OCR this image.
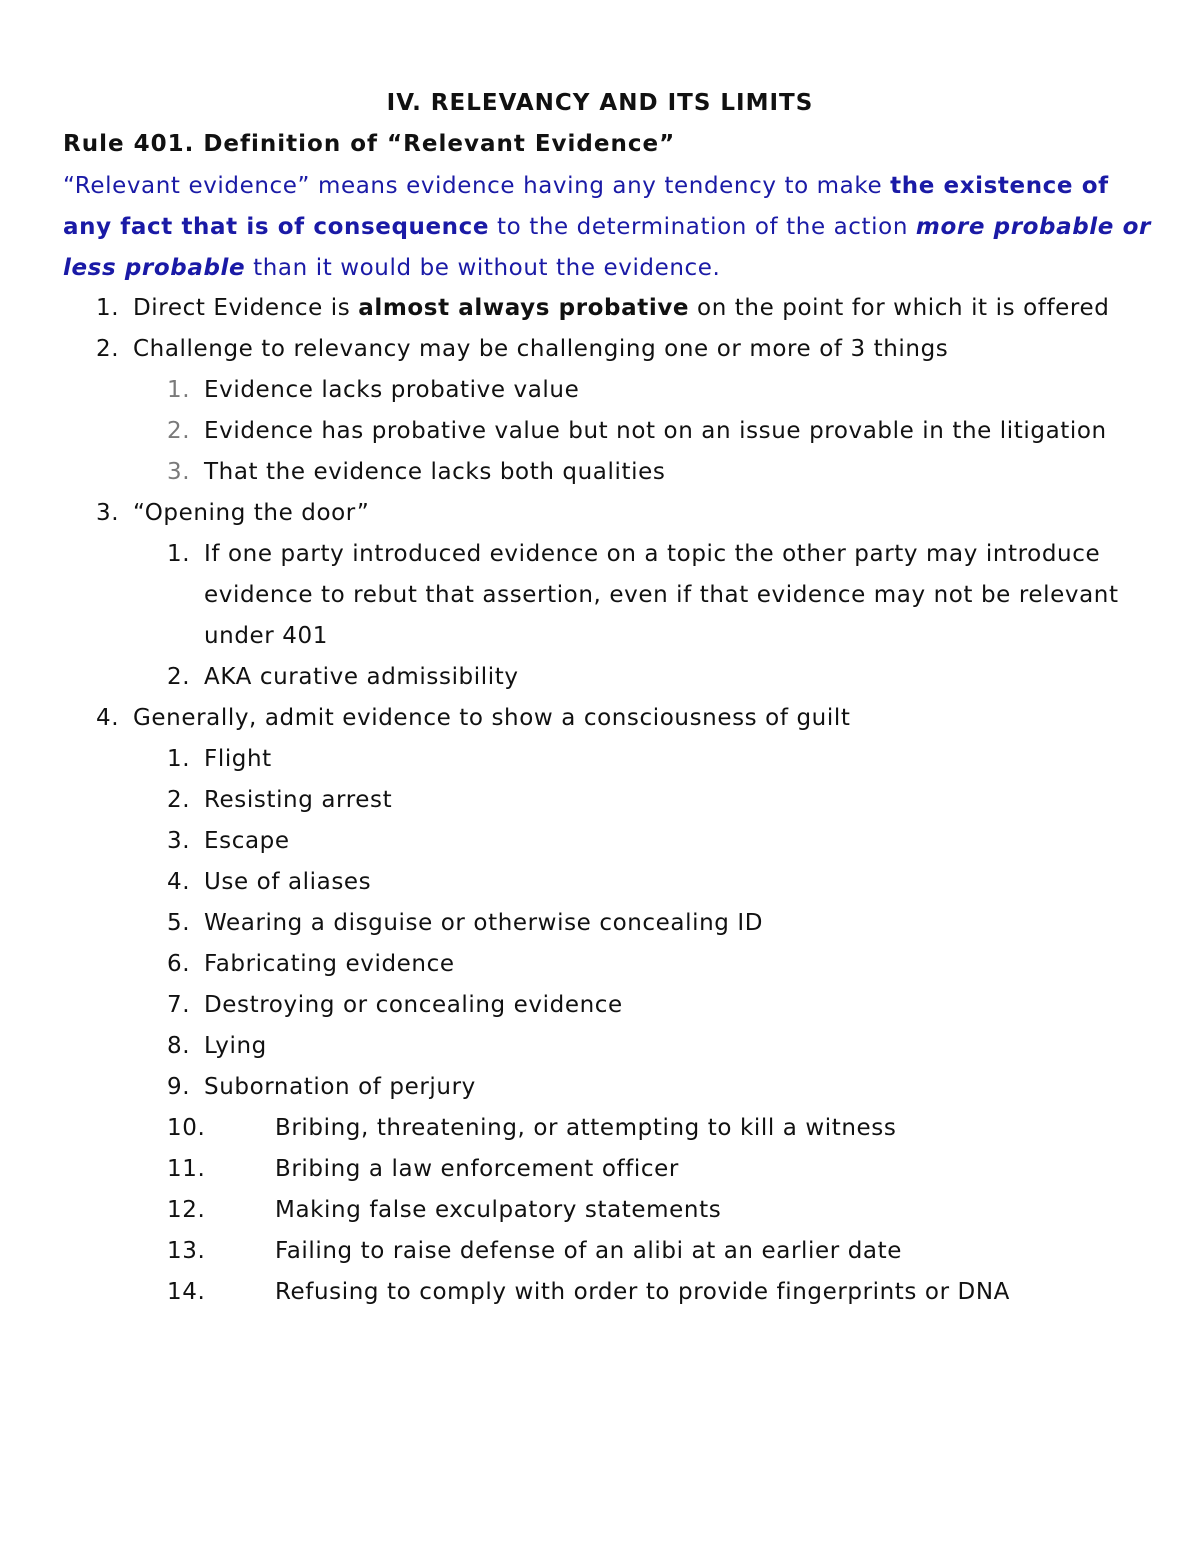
IV. RELEVANCY AND ITS LIMITS
Rule 401. Definition of “Relevant Evidence”
“Relevant evidence” means evidence having any tendency to make the existence of any fact that is of consequence to the determination of the action more probable or less probable than it would be without the evidence.
1. Direct Evidence is almost always probative on the point for which it is offered
2. Challenge to relevancy may be challenging one or more of 3 things
1. Evidence lacks probative value
2. Evidence has probative value but not on an issue provable in the litigation
3. That the evidence lacks both qualities
3. “Opening the door”
1. If one party introduced evidence on a topic the other party may introduce evidence to rebut that assertion, even if that evidence may not be relevant under 401
2. AKA curative admissibility
4. Generally, admit evidence to show a consciousness of guilt
1. Flight
2. Resisting arrest
3. Escape
4. Use of aliases
5. Wearing a disguise or otherwise concealing ID
6. Fabricating evidence
7. Destroying or concealing evidence
8. Lying
9. Subornation of perjury
10.	Bribing, threatening, or attempting to kill a witness
11.	Bribing a law enforcement officer
12.	Making false exculpatory statements
13.	Failing to raise defense of an alibi at an earlier date
14.	Refusing to comply with order to provide fingerprints or DNA
